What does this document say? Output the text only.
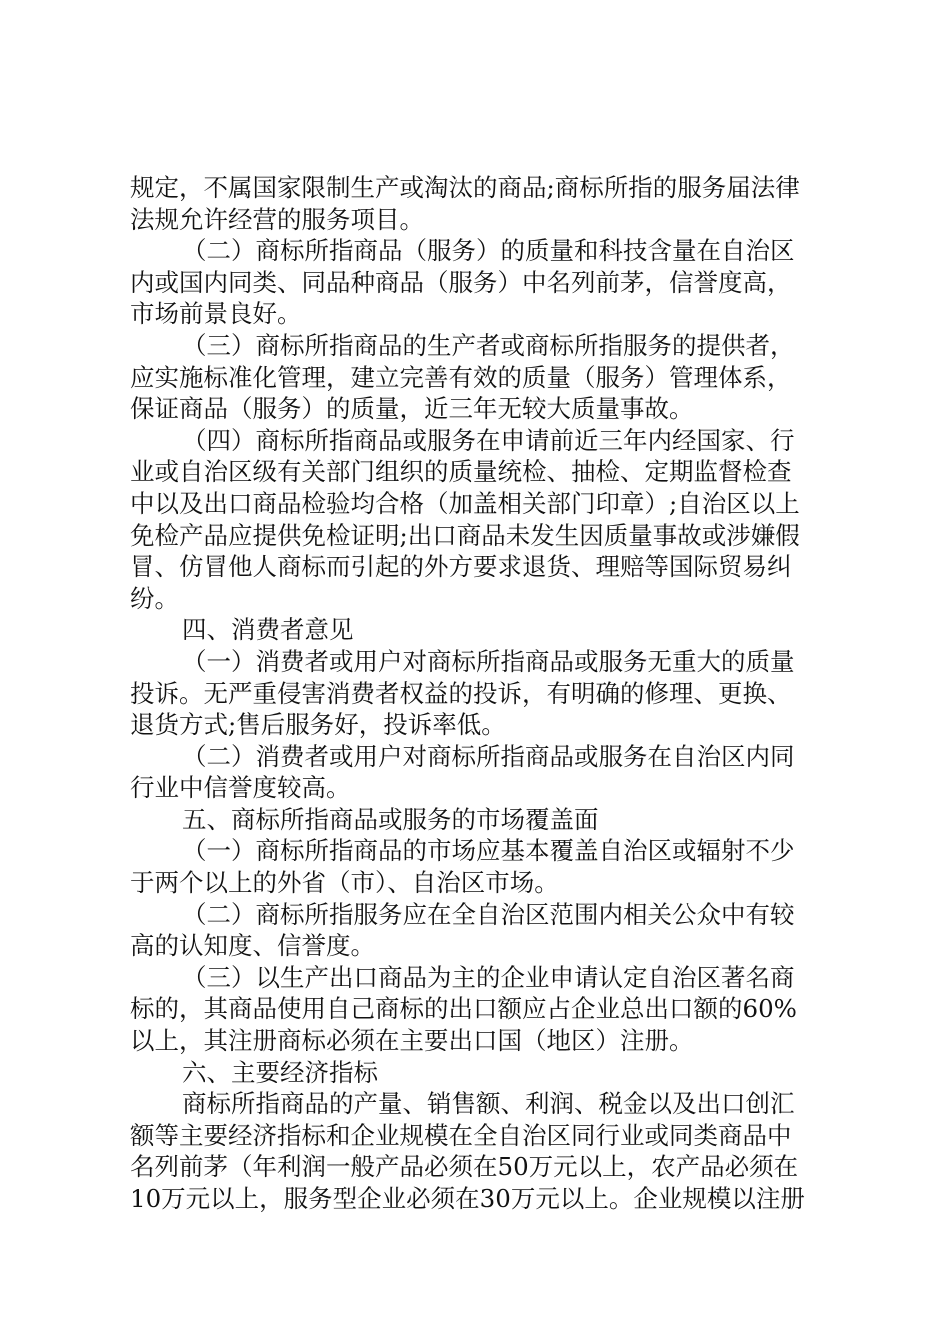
规定，不属国家限制生产或淘汰的商品;商标所指的服务届法律
法规允许经营的服务项目。
（二）商标所指商品（服务）的质量和科技含量在自治区
内或国内同类、同品种商品（服务）中名列前茅，信誉度高，
市场前景良好。
（三）商标所指商品的生产者或商标所指服务的提供者，
应实施标准化管理，建立完善有效的质量（服务）管理体系，
保证商品（服务）的质量，近三年无较大质量事故。
（四）商标所指商品或服务在申请前近三年内经国家、行
业或自治区级有关部门组织的质量统检、抽检、定期监督检查
中以及出口商品检验均合格（加盖相关部门印章）;自治区以上
免检产品应提供免检证明;出口商品未发生因质量事故或涉嫌假
冒、仿冒他人商标而引起的外方要求退货、理赔等国际贸易纠
纷。
四、消费者意见
（一）消费者或用户对商标所指商品或服务无重大的质量
投诉。无严重侵害消费者权益的投诉，有明确的修理、更换、
退货方式;售后服务好，投诉率低。
（二）消费者或用户对商标所指商品或服务在自治区内同
行业中信誉度较高。
五、商标所指商品或服务的市场覆盖面
（一）商标所指商品的市场应基本覆盖自治区或辐射不少
于两个以上的外省（市）、自治区市场。
（二）商标所指服务应在全自治区范围内相关公众中有较
高的认知度、信誉度。
（三）以生产出口商品为主的企业申请认定自治区著名商
标的，其商品使用自己商标的出口额应占企业总出口额的60%
以上，其注册商标必须在主要出口国（地区）注册。
六、主要经济指标
商标所指商品的产量、销售额、利润、税金以及出口创汇
额等主要经济指标和企业规模在全自治区同行业或同类商品中
名列前茅（年利润一般产品必须在50万元以上，农产品必须在
10万元以上，服务型企业必须在30万元以上。企业规模以注册
